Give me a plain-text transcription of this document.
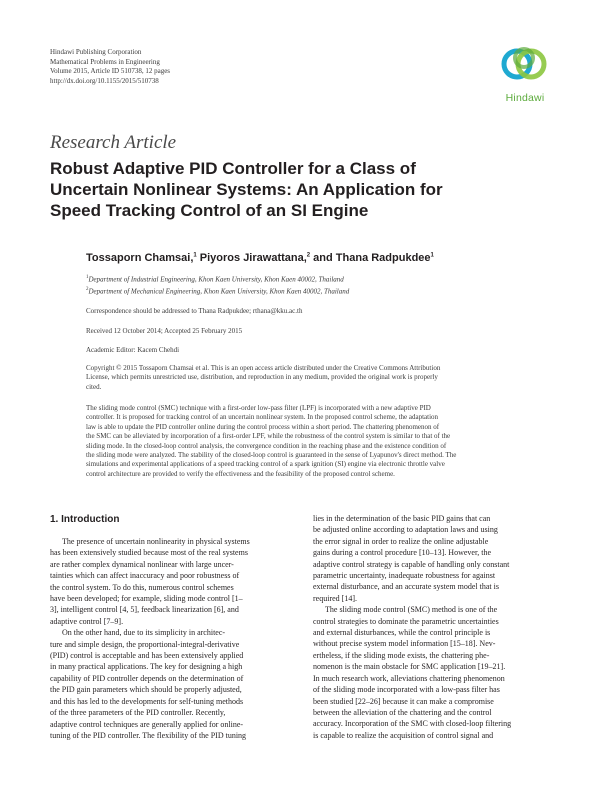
Hindawi Publishing Corporation
Mathematical Problems in Engineering
Volume 2015, Article ID 510738, 12 pages
http://dx.doi.org/10.1155/2015/510738
Hindawi
Research Article
Robust Adaptive PID Controller for a Class of
Uncertain Nonlinear Systems: An Application for
Speed Tracking Control of an SI Engine
Tossaporn Chamsai,$^1$ Piyoros Jirawattana,$^2$ and Thana Radpukdee$^1$
$^1$Department of Industrial Engineering, Khon Kaen University, Khon Kaen 40002, Thailand
$^2$Department of Mechanical Engineering, Khon Kaen University, Khon Kaen 40002, Thailand
Correspondence should be addressed to Thana Radpukdee; rthana@kku.ac.th
Received 12 October 2014; Accepted 25 February 2015
Academic Editor: Kacem Chehdi
Copyright © 2015 Tossaporn Chamsai et al. This is an open access article distributed under the Creative Commons Attribution
License, which permits unrestricted use, distribution, and reproduction in any medium, provided the original work is properly
cited.
The sliding mode control (SMC) technique with a first-order low-pass filter (LPF) is incorporated with a new adaptive PID
controller. It is proposed for tracking control of an uncertain nonlinear system. In the proposed control scheme, the adaptation
law is able to update the PID controller online during the control process within a short period. The chattering phenomenon of
the SMC can be alleviated by incorporation of a first-order LPF, while the robustness of the control system is similar to that of the
sliding mode. In the closed-loop control analysis, the convergence condition in the reaching phase and the existence condition of
the sliding mode were analyzed. The stability of the closed-loop control is guaranteed in the sense of Lyapunov's direct method. The
simulations and experimental applications of a speed tracking control of a spark ignition (SI) engine via electronic throttle valve
control architecture are provided to verify the effectiveness and the feasibility of the proposed control scheme.
1. Introduction
The presence of uncertain nonlinearity in physical systems
has been extensively studied because most of the real systems
are rather complex dynamical nonlinear with large uncer-
tainties which can affect inaccuracy and poor robustness of
the control system. To do this, numerous control schemes
have been developed; for example, sliding mode control [1–
3], intelligent control [4, 5], feedback linearization [6], and
adaptive control [7–9].
On the other hand, due to its simplicity in architec-
ture and simple design, the proportional-integral-derivative
(PID) control is acceptable and has been extensively applied
in many practical applications. The key for designing a high
capability of PID controller depends on the determination of
the PID gain parameters which should be properly adjusted,
and this has led to the developments for self-tuning methods
of the three parameters of the PID controller. Recently,
adaptive control techniques are generally applied for online-
tuning of the PID controller. The flexibility of the PID tuning
lies in the determination of the basic PID gains that can
be adjusted online according to adaptation laws and using
the error signal in order to realize the online adjustable
gains during a control procedure [10–13]. However, the
adaptive control strategy is capable of handling only constant
parametric uncertainty, inadequate robustness for against
external disturbance, and an accurate system model that is
required [14].
The sliding mode control (SMC) method is one of the
control strategies to dominate the parametric uncertainties
and external disturbances, while the control principle is
without precise system model information [15–18]. Nev-
ertheless, if the sliding mode exists, the chattering phe-
nomenon is the main obstacle for SMC application [19–21].
In much research work, alleviations chattering phenomenon
of the sliding mode incorporated with a low-pass filter has
been studied [22–26] because it can make a compromise
between the alleviation of the chattering and the control
accuracy. Incorporation of the SMC with closed-loop filtering
is capable to realize the acquisition of control signal and
